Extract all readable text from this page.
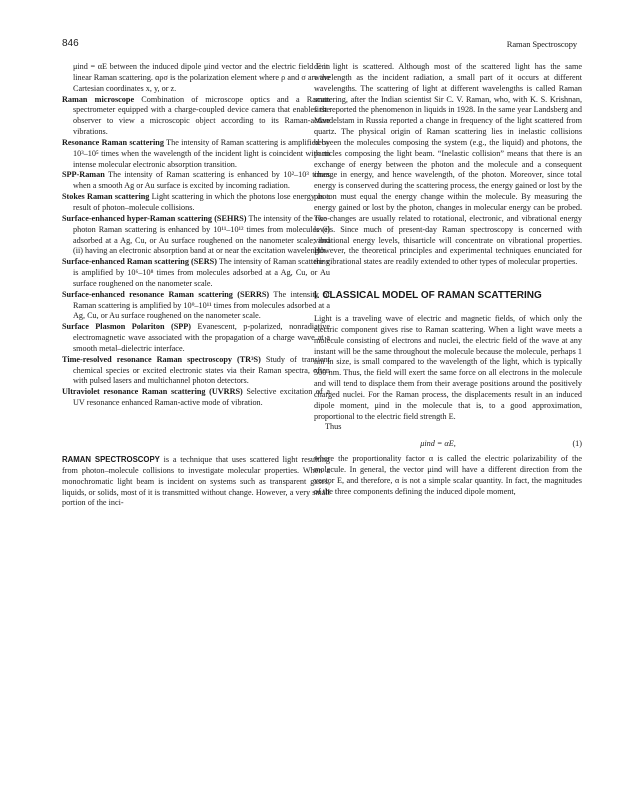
846	Raman Spectroscopy

μind = αE between the induced dipole μind vector and the electric field E in linear Raman scattering. αρσ is the polarization element where ρ and σ are the Cartesian coordinates x, y, or z.

Raman microscope Combination of microscope optics and a Raman spectrometer equipped with a charge-coupled device camera that enables the observer to view a microscopic object according to its Raman-active vibrations.

Resonance Raman scattering The intensity of Raman scattering is amplified by 10³–10⁵ times when the wavelength of the incident light is coincident with an intense molecular electronic absorption transition.

SPP-Raman The intensity of Raman scattering is enhanced by 10²–10³ times when a smooth Ag or Au surface is excited by incoming radiation.

Stokes Raman scattering Light scattering in which the photons lose energy as a result of photon–molecule collisions.

Surface-enhanced hyper-Raman scattering (SEHRS) The intensity of the two-photon Raman scattering is enhanced by 10¹¹–10¹² times from molecules (i) adsorbed at a Ag, Cu, or Au surface roughened on the nanometer scale; and (ii) having an electronic absorption band at or near the excitation wavelength.

Surface-enhanced Raman scattering (SERS) The intensity of Raman scattering is amplified by 10⁶–10⁸ times from molecules adsorbed at a Ag, Cu, or Au surface roughened on the nanometer scale.

Surface-enhanced resonance Raman scattering (SERRS) The intensity of Raman scattering is amplified by 10⁹–10¹¹ times from molecules adsorbed at a Ag, Cu, or Au surface roughened on the nanometer scale.

Surface Plasmon Polariton (SPP) Evanescent, p-polarized, nonradiative electromagnetic wave associated with the propagation of a charge wave at a smooth metal–dielectric interface.

Time-resolved resonance Raman spectroscopy (TR³S) Study of transient chemical species or excited electronic states via their Raman spectra, often with pulsed lasers and multichannel photon detectors.

Ultraviolet resonance Raman scattering (UVRRS) Selective excitation of a UV resonance enhanced Raman-active mode of vibration.

RAMAN SPECTROSCOPY is a technique that uses scattered light resulting from photon–molecule collisions to investigate molecular properties. When a monochromatic light beam is incident on systems such as transparent gases, liquids, or solids, most of it is transmitted without change. However, a very small portion of the inci-

dent light is scattered. Although most of the scattered light has the same wavelength as the incident radiation, a small part of it occurs at different wavelengths. The scattering of light at different wavelengths is called Raman scattering, after the Indian scientist Sir C. V. Raman, who, with K. S. Krishnan, first reported the phenomenon in liquids in 1928. In the same year Landsberg and Mandelstam in Russia reported a change in frequency of the light scattered from quartz. The physical origin of Raman scattering lies in inelastic collisions between the molecules composing the system (e.g., the liquid) and photons, the particles composing the light beam. “Inelastic collision” means that there is an exchange of energy between the photon and the molecule and a consequent change in energy, and hence wavelength, of the photon. Moreover, since total energy is conserved during the scattering process, the energy gained or lost by the photon must equal the energy change within the molecule. By measuring the energy gained or lost by the photon, changes in molecular energy can be probed. The changes are usually related to rotational, electronic, and vibrational energy levels. Since much of present-day Raman spectroscopy is concerned with vibrational energy levels, thisarticle will concentrate on vibrational properties. However, the theoretical principles and experimental techniques enunciated for the vibrational states are readily extended to other types of molecular properties.

I. CLASSICAL MODEL OF RAMAN SCATTERING

Light is a traveling wave of electric and magnetic fields, of which only the electric component gives rise to Raman scattering. When a light wave meets a molecule consisting of electrons and nuclei, the electric field of the wave at any instant will be the same throughout the molecule because the molecule, perhaps 1 nm in size, is small compared to the wavelength of the light, which is typically 500 nm. Thus, the field will exert the same force on all electrons in the molecule and will tend to displace them from their average positions around the positively charged nuclei. For the Raman process, the displacements result in an induced dipole moment, μind in the molecule that is, to a good approximation, proportional to the electric field strength E.

Thus

μind = αE,	(1)

where the proportionality factor α is called the electric polarizability of the molecule. In general, the vector μind will have a different direction from the vector E, and therefore, α is not a simple scalar quantity. In fact, the magnitudes of the three components defining the induced dipole moment,
